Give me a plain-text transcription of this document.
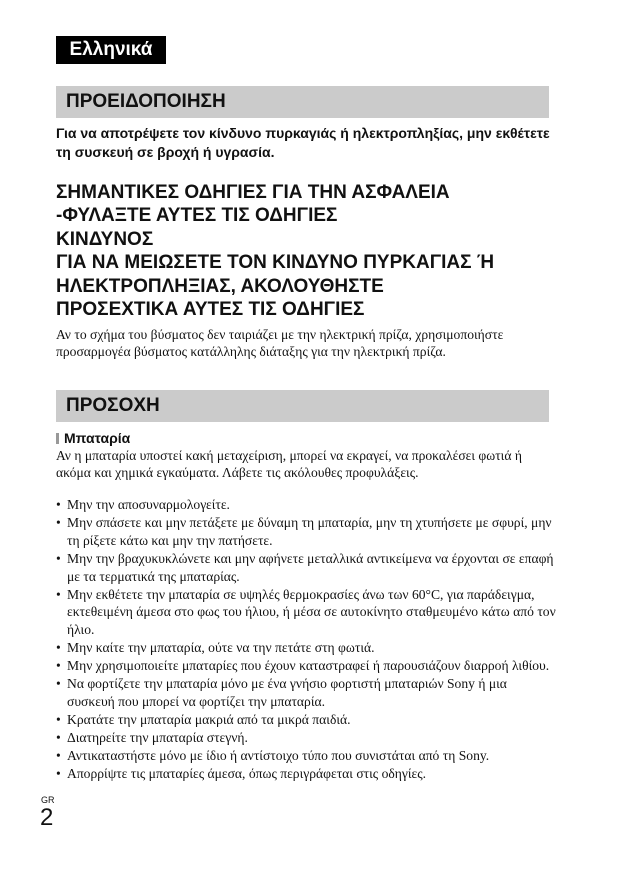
Ελληνικά
ΠΡΟΕΙΔΟΠΟΙΗΣΗ
Για να αποτρέψετε τον κίνδυνο πυρκαγιάς ή ηλεκτροπληξίας, μην εκθέτετε τη συσκευή σε βροχή ή υγρασία.
ΣΗΜΑΝΤΙΚΕΣ ΟΔΗΓΙΕΣ ΓΙΑ ΤΗΝ ΑΣΦΑΛΕΙΑ
-ΦΥΛΑΞΤΕ ΑΥΤΕΣ ΤΙΣ ΟΔΗΓΙΕΣ
ΚΙΝΔΥΝΟΣ
ΓΙΑ ΝΑ ΜΕΙΩΣΕΤΕ ΤΟΝ ΚΙΝΔΥΝΟ ΠΥΡΚΑΓΙΑΣ Ή
ΗΛΕΚΤΡΟΠΛΗΞΙΑΣ, ΑΚΟΛΟΥΘΗΣΤΕ
ΠΡΟΣΕΧΤΙΚΑ ΑΥΤΕΣ ΤΙΣ ΟΔΗΓΙΕΣ
Αν το σχήμα του βύσματος δεν ταιριάζει με την ηλεκτρική πρίζα, χρησιμοποιήστε προσαρμογέα βύσματος κατάλληλης διάταξης για την ηλεκτρική πρίζα.
ΠΡΟΣΟΧΗ
Μπαταρία
Αν η μπαταρία υποστεί κακή μεταχείριση, μπορεί να εκραγεί, να προκαλέσει φωτιά ή ακόμα και χημικά εγκαύματα. Λάβετε τις ακόλουθες προφυλάξεις.
• Μην την αποσυναρμολογείτε.
• Μην σπάσετε και μην πετάξετε με δύναμη τη μπαταρία, μην τη χτυπήσετε με σφυρί, μην τη ρίξετε κάτω και μην την πατήσετε.
• Μην την βραχυκυκλώνετε και μην αφήνετε μεταλλικά αντικείμενα να έρχονται σε επαφή με τα τερματικά της μπαταρίας.
• Μην εκθέτετε την μπαταρία σε υψηλές θερμοκρασίες άνω των 60°C, για παράδειγμα, εκτεθειμένη άμεσα στο φως του ήλιου, ή μέσα σε αυτοκίνητο σταθμευμένο κάτω από τον ήλιο.
• Μην καίτε την μπαταρία, ούτε να την πετάτε στη φωτιά.
• Μην χρησιμοποιείτε μπαταρίες που έχουν καταστραφεί ή παρουσιάζουν διαρροή λιθίου.
• Να φορτίζετε την μπαταρία μόνο με ένα γνήσιο φορτιστή μπαταριών Sony ή μια συσκευή που μπορεί να φορτίζει την μπαταρία.
• Κρατάτε την μπαταρία μακριά από τα μικρά παιδιά.
• Διατηρείτε την μπαταρία στεγνή.
• Αντικαταστήστε μόνο με ίδιο ή αντίστοιχο τύπο που συνιστάται από τη Sony.
• Απορρίψτε τις μπαταρίες άμεσα, όπως περιγράφεται στις οδηγίες.
GR
2
